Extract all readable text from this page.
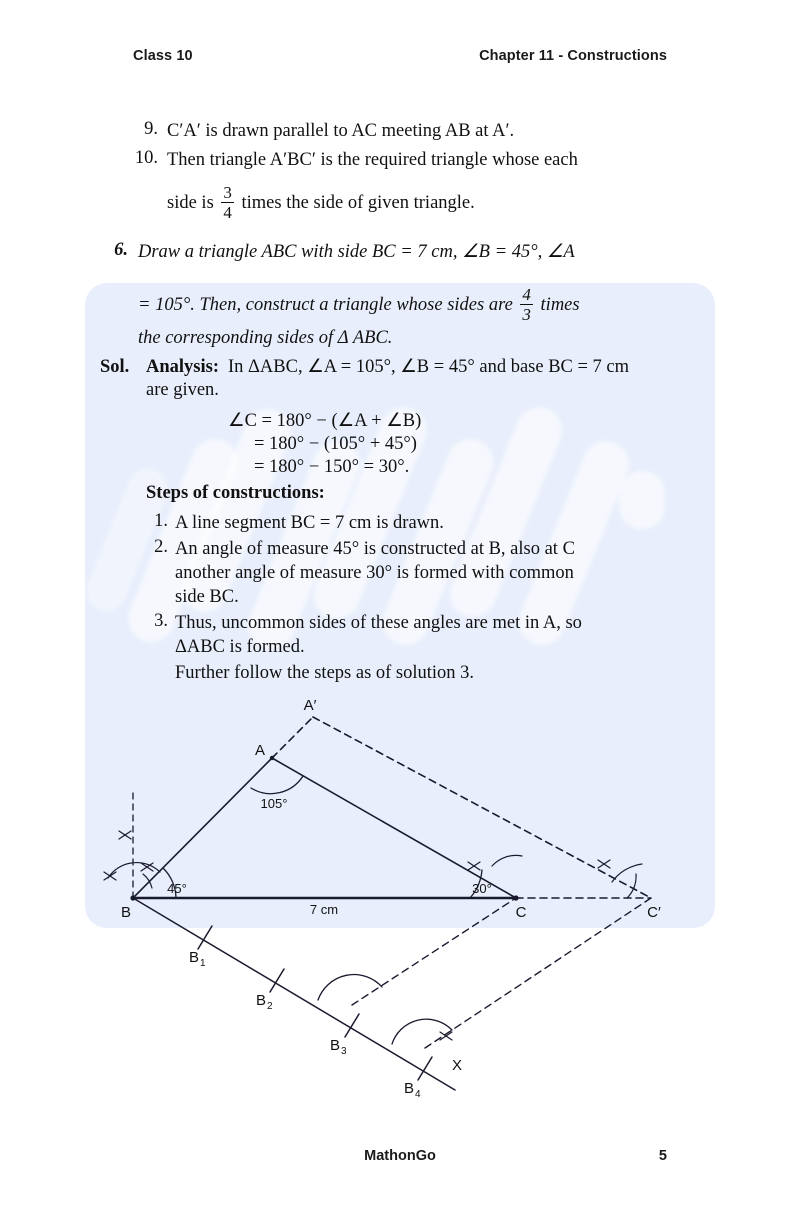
Class 10	Chapter 11 - Constructions
9. C′A′ is drawn parallel to AC meeting AB at A′.
10. Then triangle A′BC′ is the required triangle whose each
side is $\frac{3}{4}$ times the side of given triangle.
6. Draw a triangle ABC with side BC = 7 cm, ∠B = 45°, ∠A
= 105°. Then, construct a triangle whose sides are $\frac{4}{3}$ times
the corresponding sides of Δ ABC.
Sol. Analysis: In ΔABC, ∠A = 105°, ∠B = 45° and base BC = 7 cm
are given.
∠C = 180° − (∠A + ∠B)
= 180° − (105° + 45°)
= 180° − 150° = 30°.
Steps of constructions:
1. A line segment BC = 7 cm is drawn.
2. An angle of measure 45° is constructed at B, also at C
another angle of measure 30° is formed with common
side BC.
3. Thus, uncommon sides of these angles are met in A, so
ΔABC is formed.
Further follow the steps as of solution 3.
A′
A
B	C	C′
X
105°
45°	30°
7 cm
B 1
B 2
B 3
B 4
MathonGo	5
